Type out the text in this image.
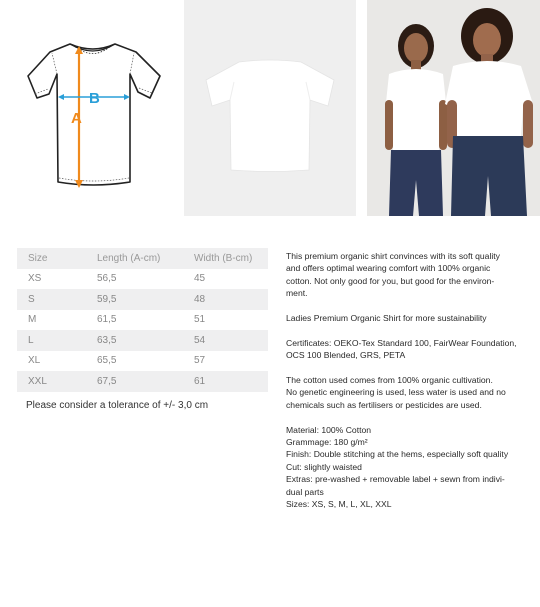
B
A
Size	Length (A-cm)	Width (B-cm)
XS	56,5	45
S	59,5	48
M	61,5	51
L	63,5	54
XL	65,5	57
XXL	67,5	61
Please consider a tolerance of +/- 3,0 cm

This premium organic shirt convinces with its soft quality
and offers optimal wearing comfort with 100% organic
cotton. Not only good for you, but good for the environ-
ment.

Ladies Premium Organic Shirt for more sustainability

Certificates: OEKO-Tex Standard 100, FairWear Foundation,
OCS 100 Blended, GRS, PETA

The cotton used comes from 100% organic cultivation.
No genetic engineering is used, less water is used and no
chemicals such as fertilisers or pesticides are used.

Material: 100% Cotton
Grammage: 180 g/m²
Finish: Double stitching at the hems, especially soft quality
Cut: slightly waisted
Extras: pre-washed + removable label + sewn from indivi-
dual parts
Sizes: XS, S, M, L, XL, XXL
